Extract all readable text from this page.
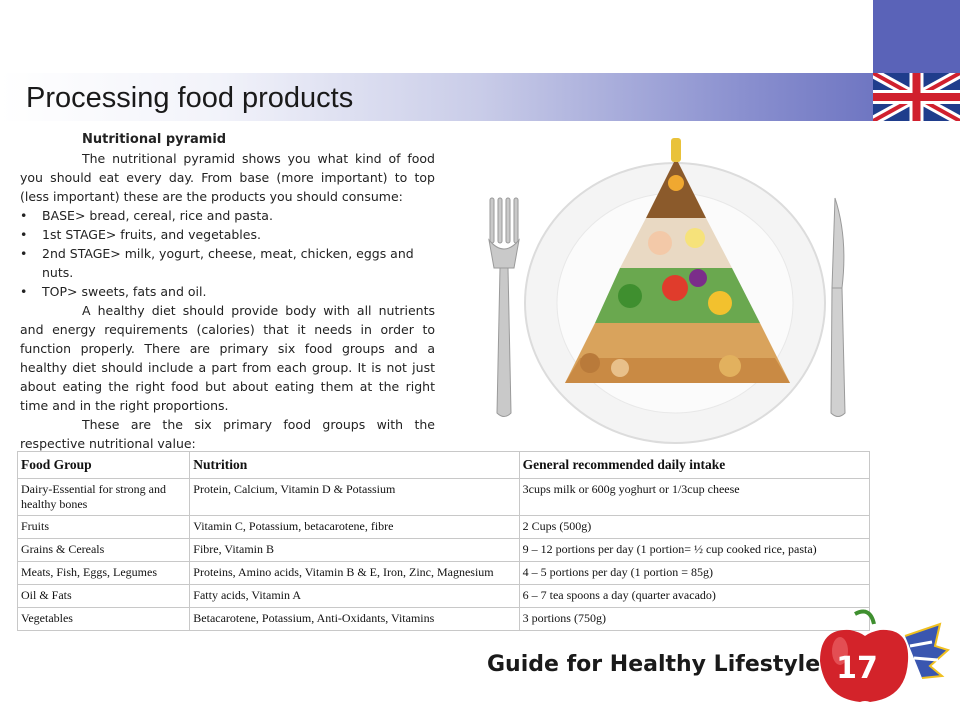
Processing food products

Nutritional pyramid

The nutritional pyramid shows you what kind of food you should eat every day. From base (more important) to top (less important) these are the products you should consume:

• BASE> bread, cereal, rice and pasta.
• 1st STAGE> fruits, and vegetables.
• 2nd STAGE> milk, yogurt, cheese, meat, chicken, eggs and nuts.
• TOP> sweets, fats and oil.

A healthy diet should provide body with all nutrients and energy requirements (calories) that it needs in order to function properly. There are primary six food groups and a healthy diet should include a part from each group. It is not just about eating the right food but about eating them at the right time and in the right proportions.

These are the six primary food groups with the respective nutritional value:

Food Group	Nutrition	General recommended daily intake
Dairy-Essential for strong and healthy bones	Protein, Calcium, Vitamin D & Potassium	3cups milk or 600g yoghurt or 1/3cup cheese
Fruits	Vitamin C, Potassium, betacarotene, fibre	2 Cups (500g)
Grains & Cereals	Fibre, Vitamin B	9 – 12 portions per day (1 portion= ½ cup cooked rice, pasta)
Meats, Fish, Eggs, Legumes	Proteins, Amino acids, Vitamin B & E, Iron, Zinc, Magnesium	4 – 5 portions per day (1 portion = 85g)
Oil & Fats	Fatty acids, Vitamin A	6 – 7 tea spoons a day (quarter avacado)
Vegetables	Betacarotene, Potassium, Anti-Oxidants, Vitamins	3 portions (750g)
Guide for Healthy Lifestyle 17
